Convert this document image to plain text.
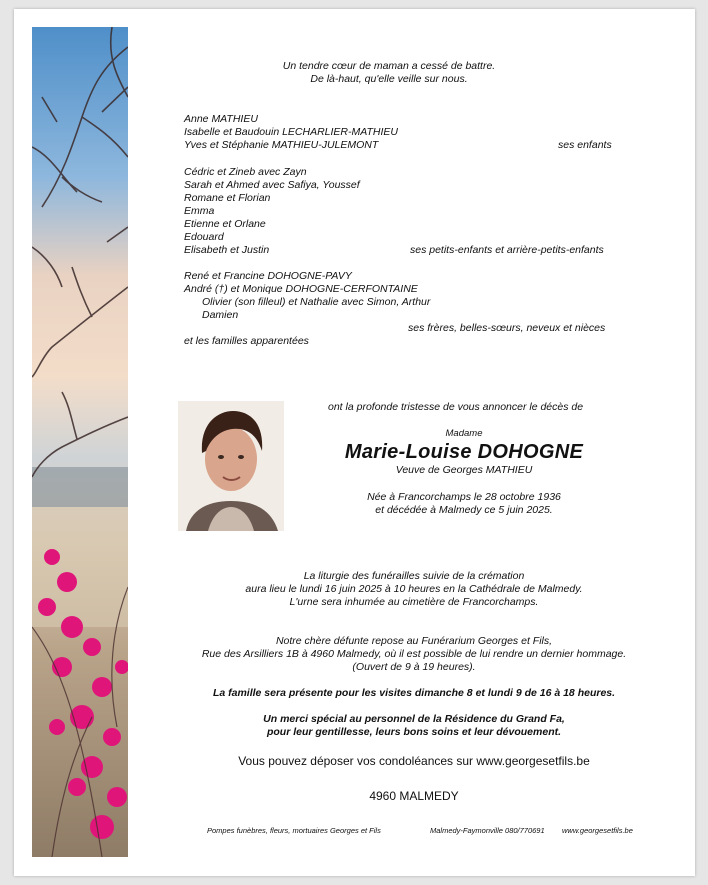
Un tendre cœur de maman a cessé de battre.
De là-haut, qu'elle veille sur nous.
Anne MATHIEU
Isabelle et Baudouin LECHARLIER-MATHIEU
Yves et Stéphanie MATHIEU-JULEMONT	ses enfants
Cédric et Zineb avec Zayn
Sarah et Ahmed avec Safiya, Youssef
Romane et Florian
Emma
Etienne et Orlane
Edouard
Elisabeth et Justin	ses petits-enfants et arrière-petits-enfants
René et Francine DOHOGNE-PAVY
André (†) et Monique DOHOGNE-CERFONTAINE
Olivier (son filleul) et Nathalie avec Simon, Arthur
Damien
ses frères, belles-sœurs, neveux et nièces
et les familles apparentées
ont la profonde tristesse de vous annoncer le décès de
Madame
Marie-Louise DOHOGNE
Veuve de Georges MATHIEU
Née à Francorchamps le 28 octobre 1936
et décédée à Malmedy ce 5 juin 2025.
La liturgie des funérailles suivie de la crémation
aura lieu le lundi 16 juin 2025 à 10 heures en la Cathédrale de Malmedy.
L'urne sera inhumée au cimetière de Francorchamps.
Notre chère défunte repose au Funérarium Georges et Fils,
Rue des Arsilliers 1B à 4960 Malmedy, où il est possible de lui rendre un dernier hommage.
(Ouvert de 9 à 19 heures).
La famille sera présente pour les visites dimanche 8 et lundi 9 de 16 à 18 heures.
Un merci spécial au personnel de la Résidence du Grand Fa,
pour leur gentillesse, leurs bons soins et leur dévouement.
Vous pouvez déposer vos condoléances sur www.georgesetfils.be
4960 MALMEDY
Pompes funèbres, fleurs, mortuaires Georges et Fils	Malmedy-Faymonville 080/770691 www.georgesetfils.be
